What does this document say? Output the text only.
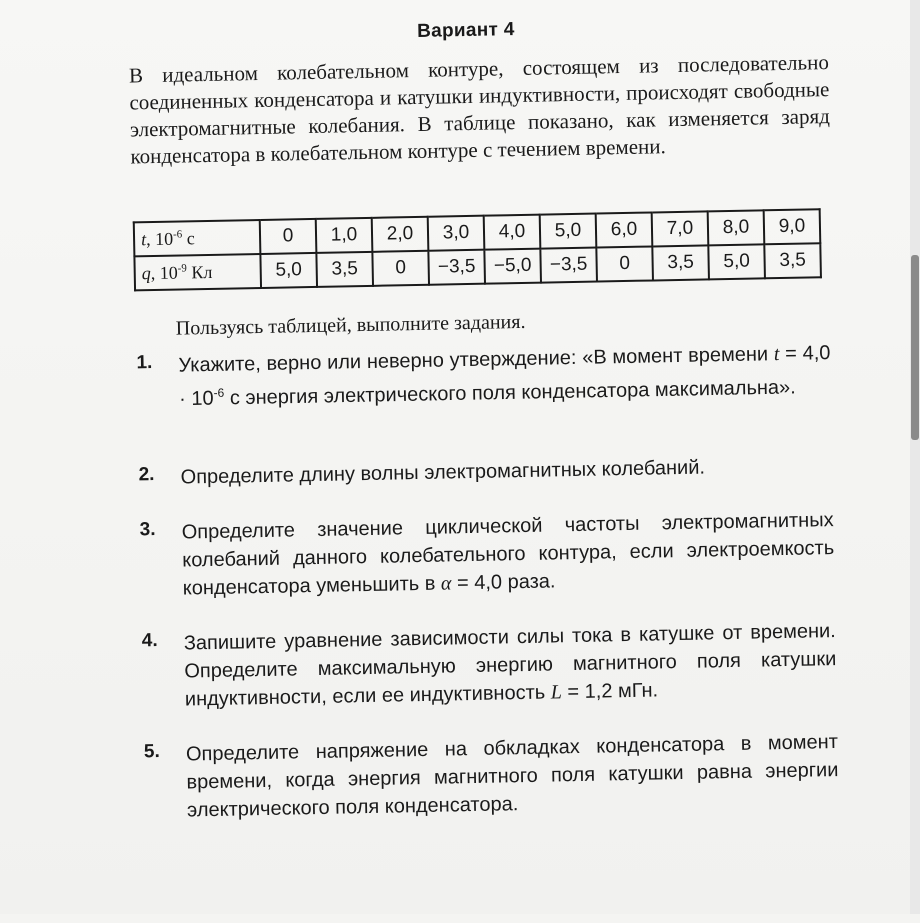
Вариант 4
В идеальном колебательном контуре, состоящем из последовательно соединенных конденсатора и катушки индуктивности, происходят свободные электромагнитные колебания. В таблице показано, как изменяется заряд конденсатора в колебательном контуре с течением времени.
t, $10^{-6}$ с	0	1,0	2,0	3,0	4,0	5,0	6,0	7,0	8,0	9,0
q, $10^{-9}$ Кл	5,0	3,5	0	−3,5	−5,0	−3,5	0	3,5	5,0	3,5
Пользуясь таблицей, выполните задания.
1. Укажите, верно или неверно утверждение: «В момент времени $t = 4,0 \cdot 10^{-6}$ с энергия электрического поля конденсатора максимальна».
2. Определите длину волны электромагнитных колебаний.
3. Определите значение циклической частоты электромагнитных колебаний данного колебательного контура, если электроемкость конденсатора уменьшить в α = 4,0 раза.
4. Запишите уравнение зависимости силы тока в катушке от времени. Определите максимальную энергию магнитного поля катушки индуктивности, если ее индуктивность L = 1,2 мГн.
5. Определите напряжение на обкладках конденсатора в момент времени, когда энергия магнитного поля катушки равна энергии электрического поля конденсатора.
